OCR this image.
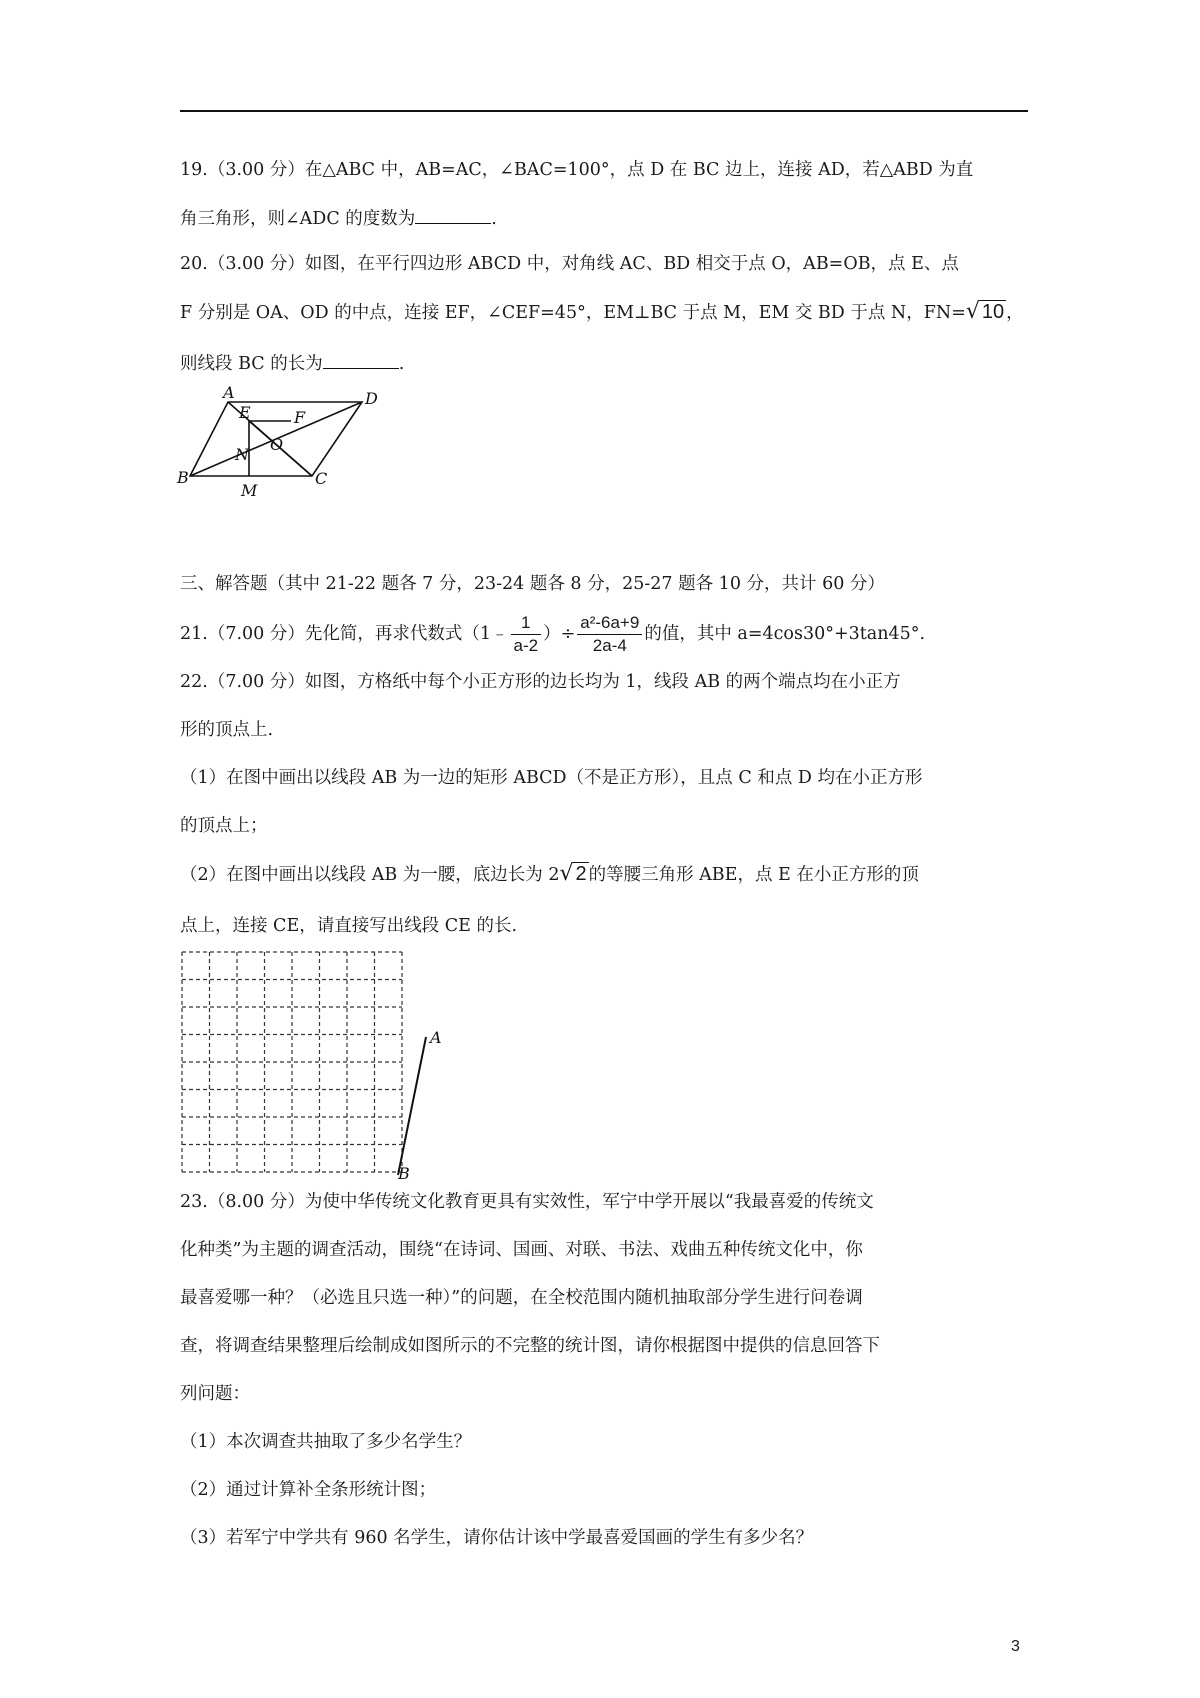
19.（3.00 分）在△ABC 中，AB=AC，∠BAC=100°，点 D 在 BC 边上，连接 AD，若△ABD 为直
角三角形，则∠ADC 的度数为	.
20.（3.00 分）如图，在平行四边形 ABCD 中，对角线 AC、BD 相交于点 O，AB=OB，点 E、点
F 分别是 OA、OD 的中点，连接 EF，∠CEF=45°，EM⊥BC 于点 M，EM 交 BD 于点 N，FN=√ 10 ，
则线段 BC 的长为	.
A	D
E	F
O
N
B
M
C
三、解答题（其中 21-22 题各 7 分，23-24 题各 8 分，25-27 题各 10 分，共计 60 分）
21.（7.00 分）先化简，再求代数式（1﹣ $\frac{1}{a-2}$ ）÷ $\frac{\text{a²-6a+9}}{2a-4}$ 的值，其中 a=4cos30°+3tan45°.
22.（7.00 分）如图，方格纸中每个小正方形的边长均为 1，线段 AB 的两个端点均在小正方
形的顶点上.
（1）在图中画出以线段 AB 为一边的矩形 ABCD（不是正方形），且点 C 和点 D 均在小正方形
的顶点上；
（2）在图中画出以线段 AB 为一腰，底边长为 2√ 2 的等腰三角形 ABE，点 E 在小正方形的顶
点上，连接 CE，请直接写出线段 CE 的长.
A
B
23.（8.00 分）为使中华传统文化教育更具有实效性，军宁中学开展以“我最喜爱的传统文
化种类”为主题的调查活动，围绕“在诗词、国画、对联、书法、戏曲五种传统文化中，你
最喜爱哪一种？（必选且只选一种）”的问题，在全校范围内随机抽取部分学生进行问卷调
查，将调查结果整理后绘制成如图所示的不完整的统计图，请你根据图中提供的信息回答下
列问题：
（1）本次调查共抽取了多少名学生？
（2）通过计算补全条形统计图；
（3）若军宁中学共有 960 名学生，请你估计该中学最喜爱国画的学生有多少名？
3
